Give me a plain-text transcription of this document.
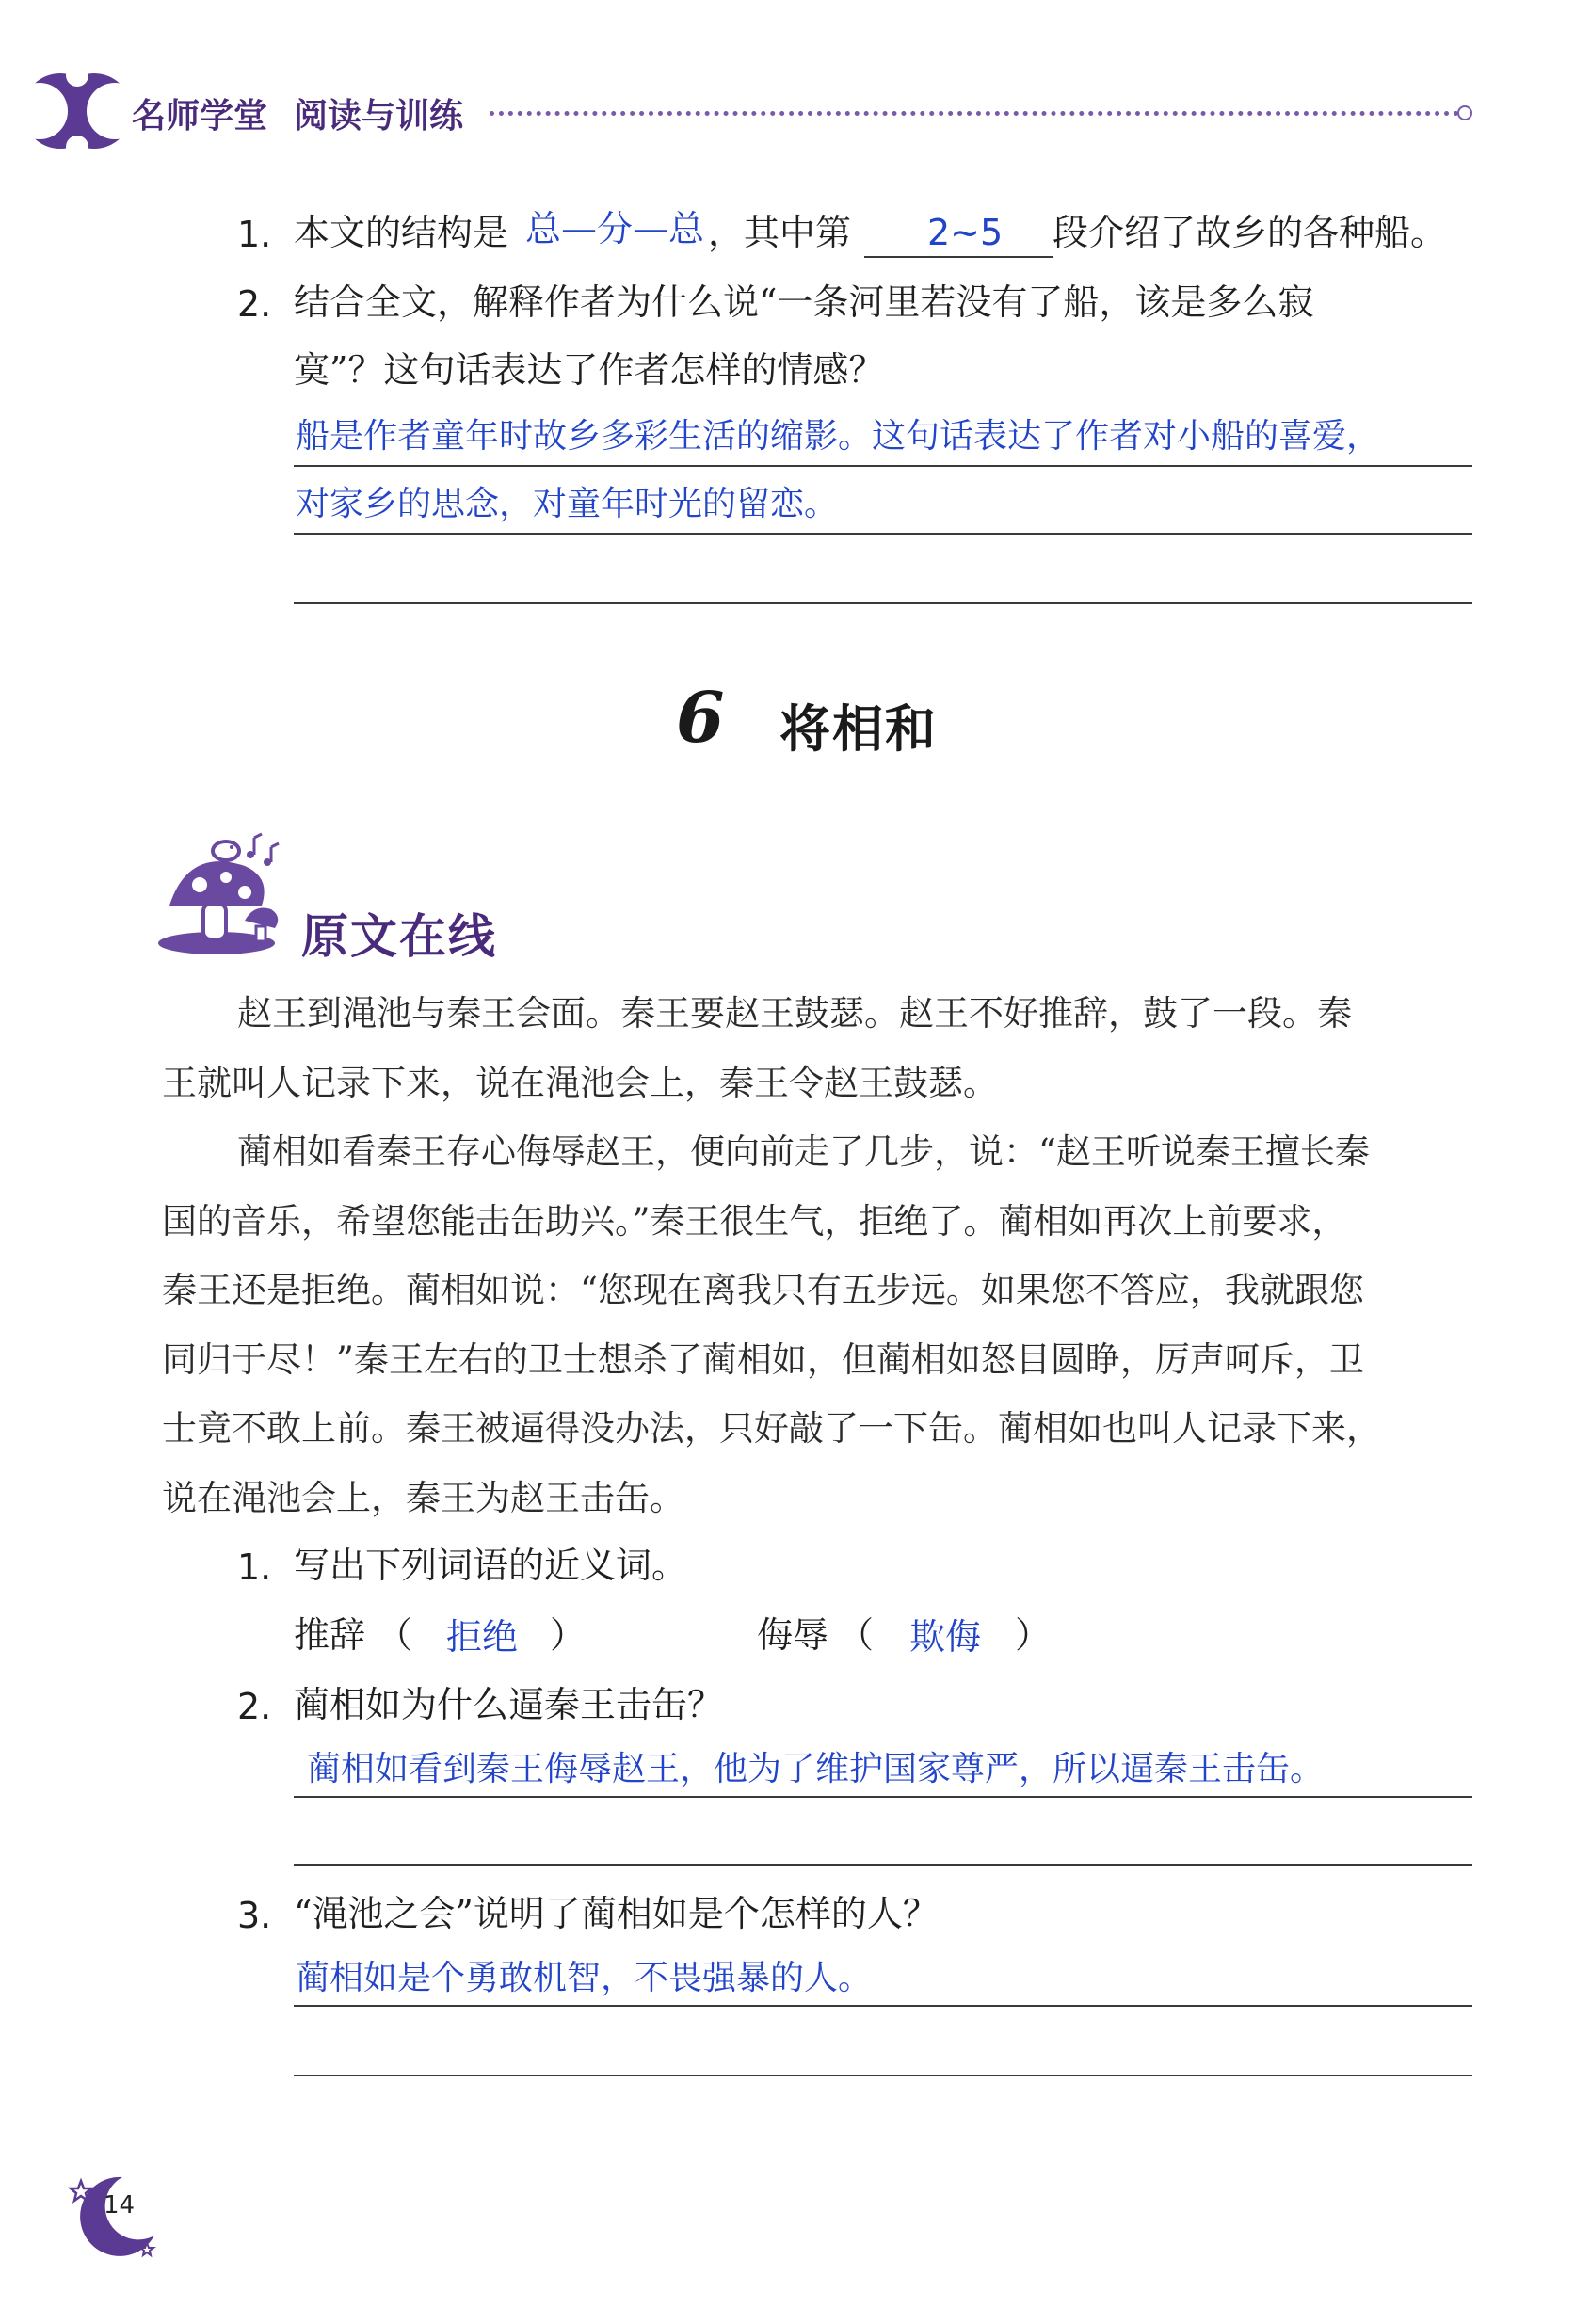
名师学堂 阅读与训练
1. 本文的结构是 总—分—总 ，其中第 2~5 段介绍了故乡的各种船。
2. 结合全文，解释作者为什么说“一条河里若没有了船，该是多么寂
寞”？这句话表达了作者怎样的情感？
船是作者童年时故乡多彩生活的缩影。这句话表达了作者对小船的喜爱，
对家乡的思念，对童年时光的留恋。
6 将相和
原文在线
赵王到渑池与秦王会面。秦王要赵王鼓瑟。赵王不好推辞，鼓了一段。秦
王就叫人记录下来，说在渑池会上，秦王令赵王鼓瑟。
蔺相如看秦王存心侮辱赵王，便向前走了几步，说：“赵王听说秦王擅长秦
国的音乐，希望您能击缶助兴。”秦王很生气，拒绝了。蔺相如再次上前要求，
秦王还是拒绝。蔺相如说：“您现在离我只有五步远。如果您不答应，我就跟您
同归于尽！”秦王左右的卫士想杀了蔺相如，但蔺相如怒目圆睁，厉声呵斥，卫
士竟不敢上前。秦王被逼得没办法，只好敲了一下缶。蔺相如也叫人记录下来，
说在渑池会上，秦王为赵王击缶。
1. 写出下列词语的近义词。
推辞 （ 拒绝 ）	侮辱 （ 欺侮 ）
2. 蔺相如为什么逼秦王击缶？
蔺相如看到秦王侮辱赵王，他为了维护国家尊严，所以逼秦王击缶。
3. “渑池之会”说明了蔺相如是个怎样的人？
蔺相如是个勇敢机智，不畏强暴的人。
14
